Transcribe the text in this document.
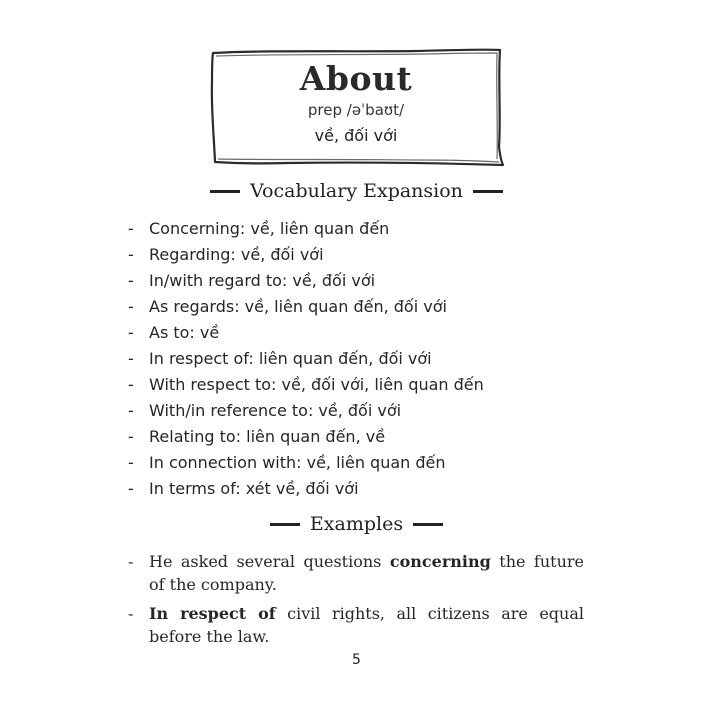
About
prep /əˈbaʊt/
về, đối với
Vocabulary Expansion
- Concerning: về, liên quan đến
- Regarding: về, đối với
- In/with regard to: về, đối với
- As regards: về, liên quan đến, đối với
- As to: về
- In respect of: liên quan đến, đối với
- With respect to: về, đối với, liên quan đến
- With/in reference to: về, đối với
- Relating to: liên quan đến, về
- In connection with: về, liên quan đến
- In terms of: xét về, đối với
Examples
- He asked several questions concerning the future of the company.
- In respect of civil rights, all citizens are equal before the law.
5
